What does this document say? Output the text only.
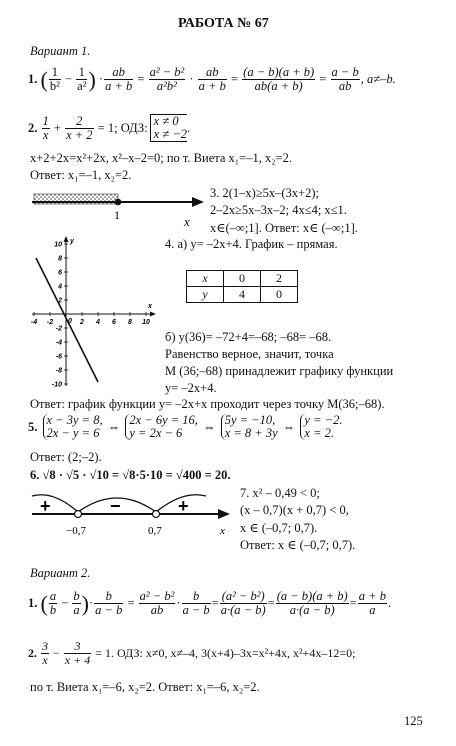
РАБОТА № 67
Вариант 1.
1.
( $\frac{1}{\text{b²}} - \frac{1}{\text{a²}}$ ) · $\frac{ab}{a + b} = \frac{\text{a² − b²}}{\text{a²b²}} \cdot \frac{ab}{a + b} = \frac{(a - b)(a + b)}{ab(a + b)} = \frac{a - b}{ab}$ , a≠–b.
2.
$\frac{1}{x} + \frac{2}{x + 2}$
= 1; ОДЗ: x ≠ 0
x ≠ −2 .
x+2+2x=x²+2x, x²–x–2=0; по т. Виета x₁=–1, x₂=2.
Ответ: x₁=–1, x₂=2.
1	x
3. 2(1–x)≥5x–(3x+2);
2–2x≥5x–3x–2; 4x≤4; x≤1.
x∈(–∞;1]. Ответ: x∈ (–∞;1].
4. а) y= –2x+4. График – прямая.
y
x
10
8
6
4
2
-2
-4
-6
-8
-10
-4 -2	2 4 6 8 10
0
x	0	2
y	4	0
б) y(36)= –72+4=–68; –68= –68.
Равенство верное, значит, точка
M (36;–68) принадлежит графику функции
y= –2x+4.
Ответ: график функции y= –2x+x проходит через точку M(36;–68).
5.
x − 3y = 8,
2x − y = 6 ⇔ 2x − 6y = 16,
y = 2x − 6	⇔ 5y = −10,
x = 8 + 3y ⇔ y = −2.
x = 2.
Ответ: (2;–2).
6. √8 · √5 · √10 = √8·5·10 = √400 = 20.
+	−	+
−0,7	0,7	x
7. x² – 0,49 < 0;
(x – 0,7)(x + 0,7) < 0,
x ∈ (–0,7; 0,7).
Ответ: x ∈ (–0,7; 0,7).
Вариант 2.
1.
( $\frac{a}{b} - \frac{b}{a}$ ) · $\frac{b}{a - b} = \frac{\text{a² − b²}}{ab} \cdot \frac{b}{a - b} = \frac{\text{(a² − b²)}}{a\cdot(a - b)} = \frac{(a - b)(a + b)}{a\cdot(a - b)} = \frac{a + b}{a}$ .
2.
$\frac{3}{x} - \frac{3}{x + 4}$
= 1. ОДЗ: x≠0, x≠–4, 3(x+4)–3x=x²+4x, x²+4x–12=0;
по т. Виета x₁=–6, x₂=2. Ответ: x₁=–6, x₂=2.
125
